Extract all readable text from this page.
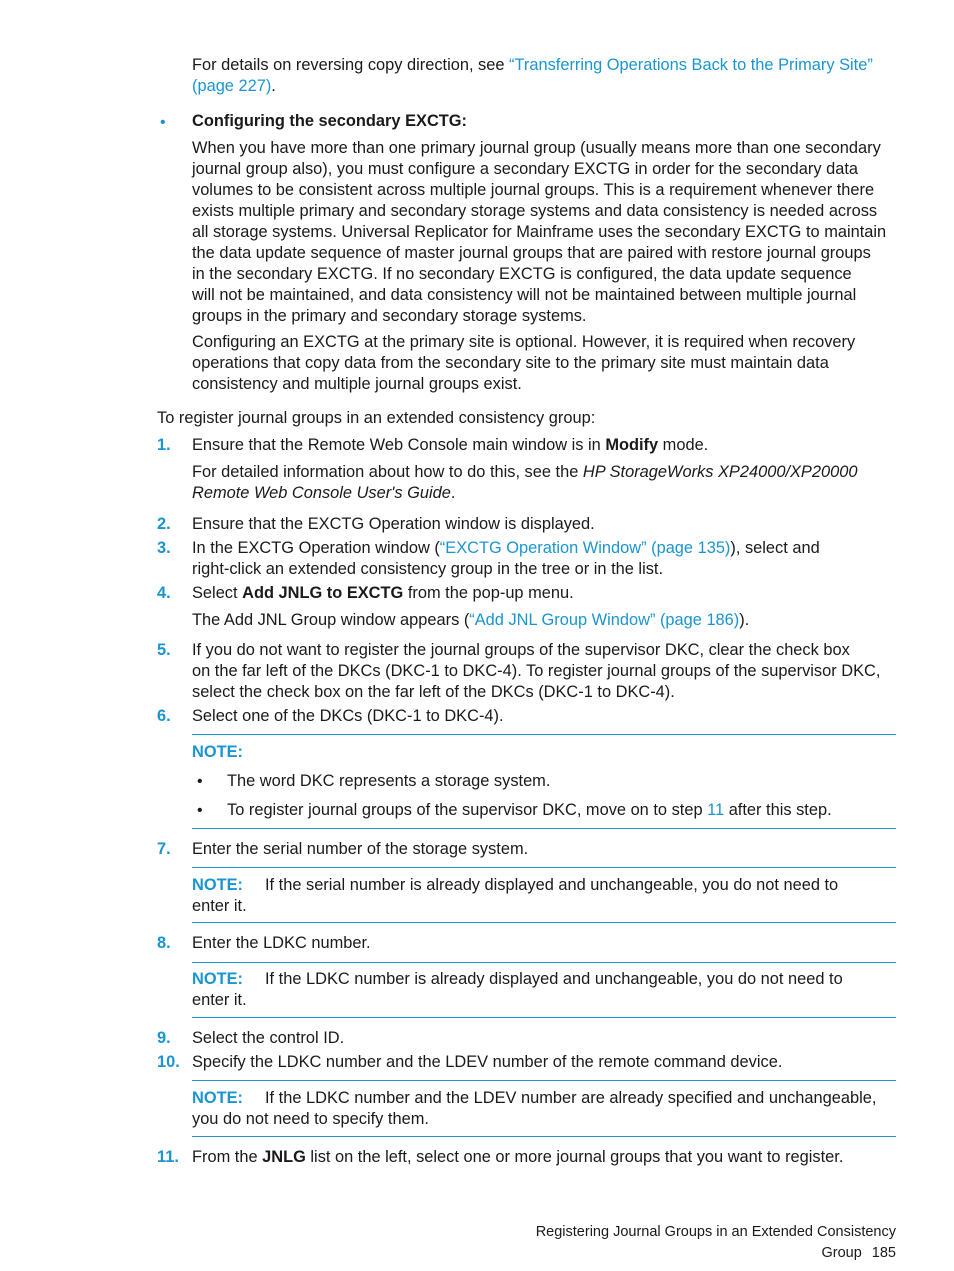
For details on reversing copy direction, see “Transferring Operations Back to the Primary Site”
(page 227).

• Configuring the secondary EXCTG:

When you have more than one primary journal group (usually means more than one secondary
journal group also), you must configure a secondary EXCTG in order for the secondary data
volumes to be consistent across multiple journal groups. This is a requirement whenever there
exists multiple primary and secondary storage systems and data consistency is needed across
all storage systems. Universal Replicator for Mainframe uses the secondary EXCTG to maintain
the data update sequence of master journal groups that are paired with restore journal groups
in the secondary EXCTG. If no secondary EXCTG is configured, the data update sequence
will not be maintained, and data consistency will not be maintained between multiple journal
groups in the primary and secondary storage systems.

Configuring an EXCTG at the primary site is optional. However, it is required when recovery
operations that copy data from the secondary site to the primary site must maintain data
consistency and multiple journal groups exist.

To register journal groups in an extended consistency group:

1. Ensure that the Remote Web Console main window is in Modify mode.

For detailed information about how to do this, see the HP StorageWorks XP24000/XP20000
Remote Web Console User's Guide.

2. Ensure that the EXCTG Operation window is displayed.

3. In the EXCTG Operation window (“EXCTG Operation Window” (page 135)), select and
right-click an extended consistency group in the tree or in the list.

4. Select Add JNLG to EXCTG from the pop-up menu.

The Add JNL Group window appears (“Add JNL Group Window” (page 186)).

5. If you do not want to register the journal groups of the supervisor DKC, clear the check box
on the far left of the DKCs (DKC-1 to DKC-4). To register journal groups of the supervisor DKC,
select the check box on the far left of the DKCs (DKC-1 to DKC-4).

6. Select one of the DKCs (DKC-1 to DKC-4).

NOTE:

• The word DKC represents a storage system.

• To register journal groups of the supervisor DKC, move on to step 11 after this step.

7. Enter the serial number of the storage system.

NOTE: If the serial number is already displayed and unchangeable, you do not need to
enter it.

8. Enter the LDKC number.

NOTE: If the LDKC number is already displayed and unchangeable, you do not need to
enter it.

9. Select the control ID.

10. Specify the LDKC number and the LDEV number of the remote command device.

NOTE: If the LDKC number and the LDEV number are already specified and unchangeable,
you do not need to specify them.

11. From the JNLG list on the left, select one or more journal groups that you want to register.

Registering Journal Groups in an Extended Consistency Group 185
